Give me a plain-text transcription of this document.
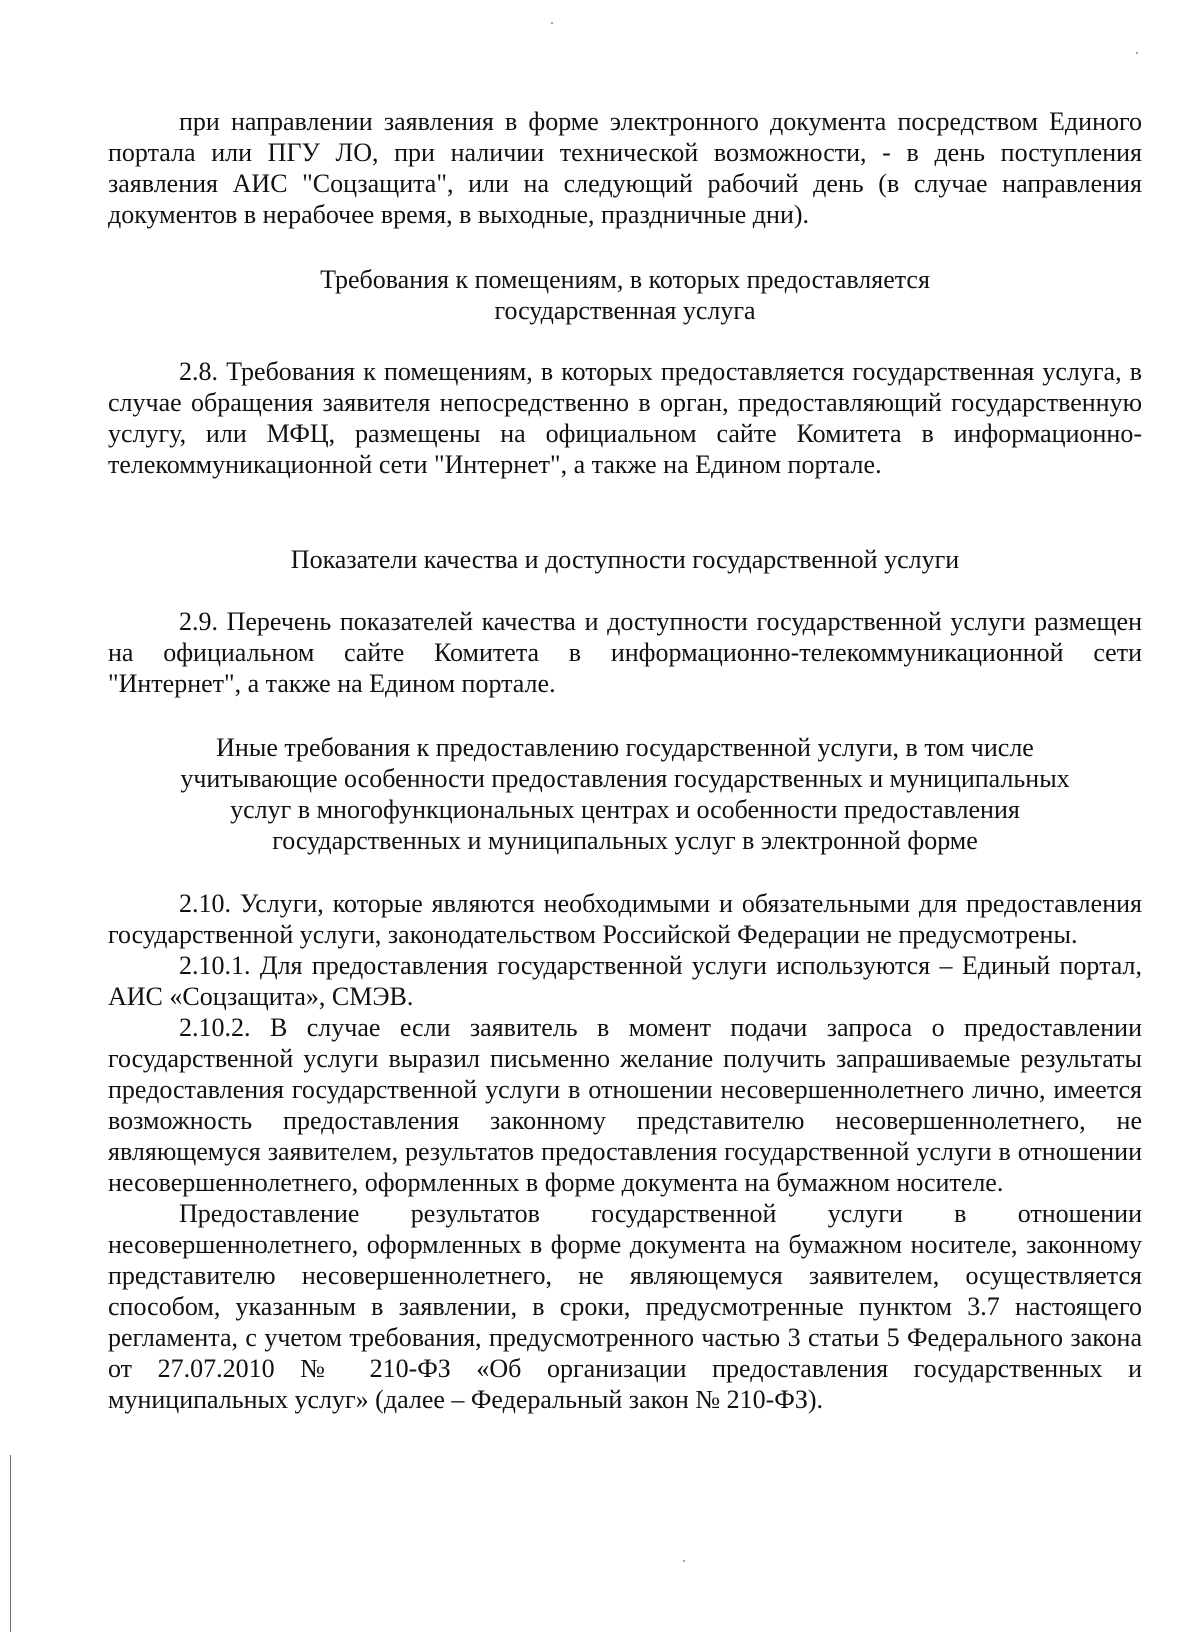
при направлении заявления в форме электронного документа посредством Единого портала или ПГУ ЛО, при наличии технической возможности, - в день поступления заявления АИС "Соцзащита", или на следующий рабочий день (в случае направления документов в нерабочее время, в выходные, праздничные дни).

Требования к помещениям, в которых предоставляется
государственная услуга

2.8. Требования к помещениям, в которых предоставляется государственная услуга, в случае обращения заявителя непосредственно в орган, предоставляющий государственную услугу, или МФЦ, размещены на официальном сайте Комитета в информационно-телекоммуникационной сети "Интернет", а также на Едином портале.

Показатели качества и доступности государственной услуги

2.9. Перечень показателей качества и доступности государственной услуги размещен на официальном сайте Комитета в информационно-телекоммуникационной сети "Интернет", а также на Едином портале.

Иные требования к предоставлению государственной услуги, в том числе
учитывающие особенности предоставления государственных и муниципальных
услуг в многофункциональных центрах и особенности предоставления
государственных и муниципальных услуг в электронной форме

2.10. Услуги, которые являются необходимыми и обязательными для предоставления государственной услуги, законодательством Российской Федерации не предусмотрены.

2.10.1. Для предоставления государственной услуги используются – Единый портал, АИС «Соцзащита», СМЭВ.

2.10.2. В случае если заявитель в момент подачи запроса о предоставлении государственной услуги выразил письменно желание получить запрашиваемые результаты предоставления государственной услуги в отношении несовершеннолетнего лично, имеется возможность предоставления законному представителю несовершеннолетнего, не являющемуся заявителем, результатов предоставления государственной услуги в отношении несовершеннолетнего, оформленных в форме документа на бумажном носителе.

Предоставление результатов государственной услуги в отношении несовершеннолетнего, оформленных в форме документа на бумажном носителе, законному представителю несовершеннолетнего, не являющемуся заявителем, осуществляется способом, указанным в заявлении, в сроки, предусмотренные пунктом 3.7 настоящего регламента, с учетом требования, предусмотренного частью 3 статьи 5 Федерального закона от 27.07.2010 № 210-ФЗ «Об организации предоставления государственных и муниципальных услуг» (далее – Федеральный закон № 210-ФЗ).
